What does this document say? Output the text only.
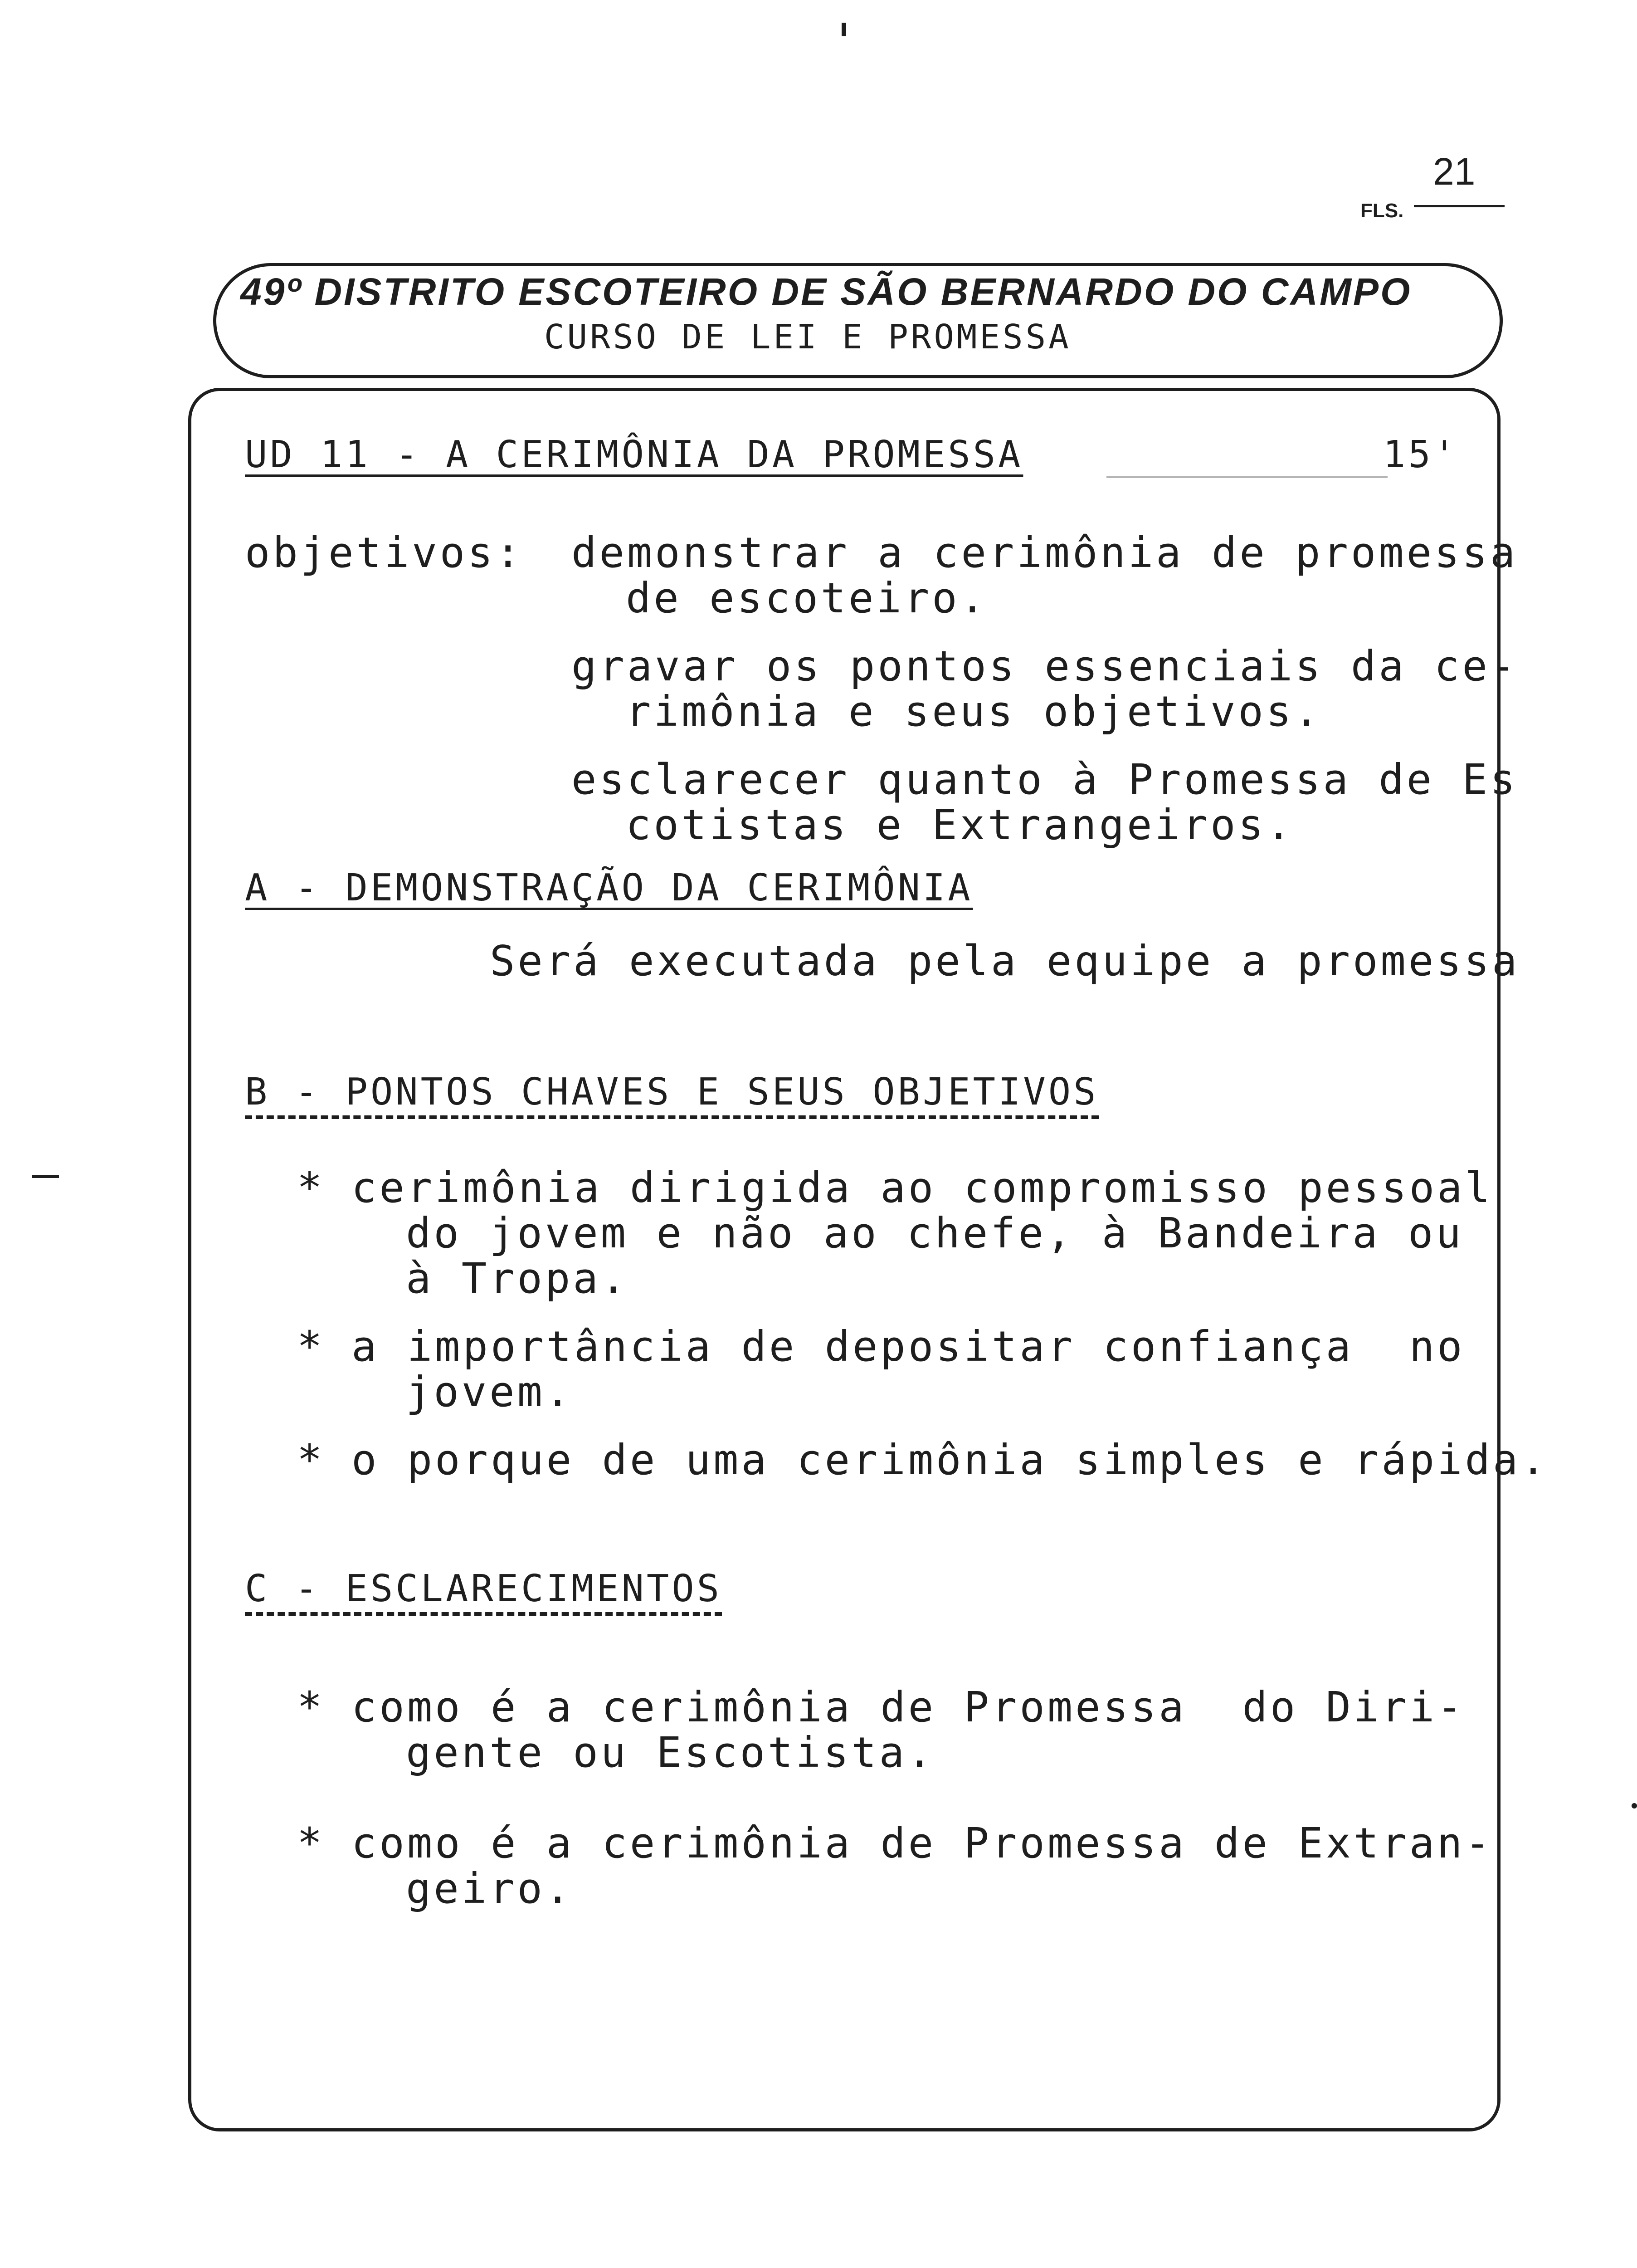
FLS.
21
49º DISTRITO ESCOTEIRO DE SÃO BERNARDO DO CAMPO
CURSO DE LEI E PROMESSA
UD 11 - A CERIMÔNIA DA PROMESSA	15'
objetivos: demonstrar a cerimônia de promessa
de escoteiro.
gravar os pontos essenciais da ce-
rimônia e seus objetivos.
esclarecer quanto à Promessa de Es
cotistas e Extrangeiros.
A - DEMONSTRAÇÃO DA CERIMÔNIA
Será executada pela equipe a promessa
B - PONTOS CHAVES E SEUS OBJETIVOS
* cerimônia dirigida ao compromisso pessoal
do jovem e não ao chefe, à Bandeira ou
à Tropa.
* a importância de depositar confiança  no
jovem.
* o porque de uma cerimônia simples e rápida.
C - ESCLARECIMENTOS
* como é a cerimônia de Promessa  do Diri-
gente ou Escotista.
* como é a cerimônia de Promessa de Extran-
geiro.
